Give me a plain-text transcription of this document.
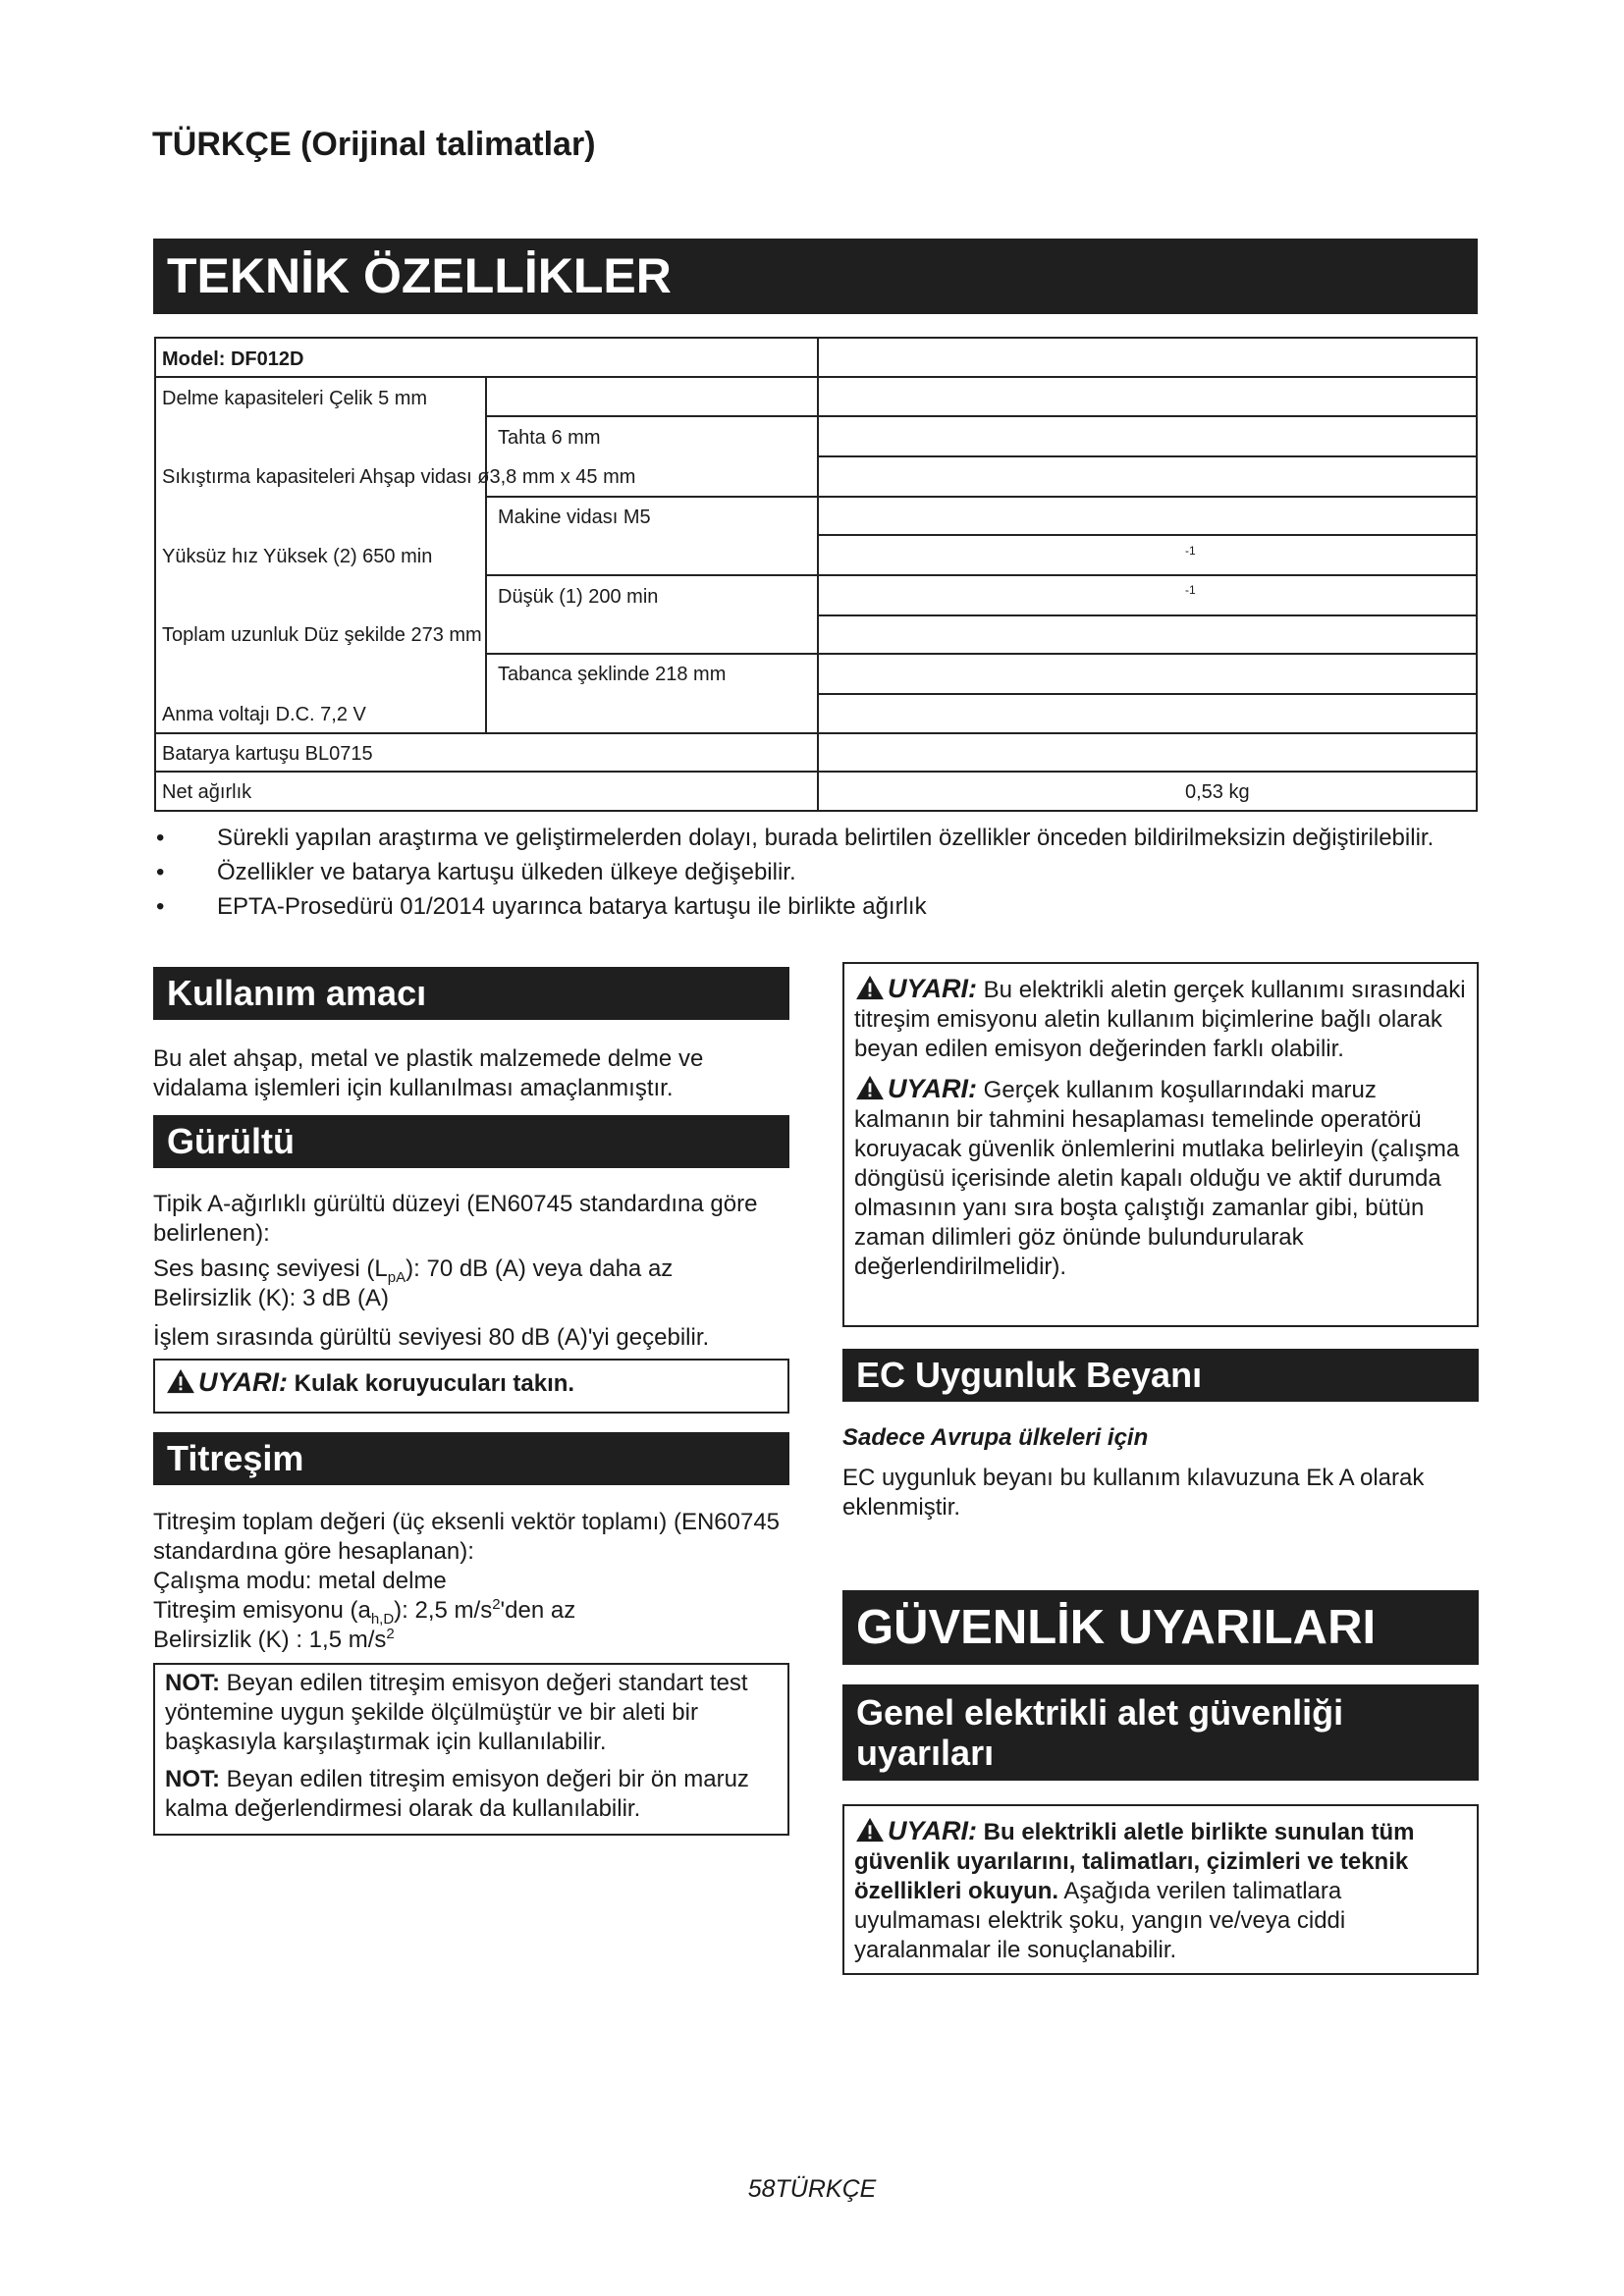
TÜRKÇE (Orijinal talimatlar)
TEKNİK ÖZELLİKLER
Model: DF012D
Delme kapasiteleri Çelik 5 mm
Tahta 6 mm
Sıkıştırma kapasiteleri Ahşap vidası ø3,8 mm x 45 mm
Makine vidası M5
Yüksüz hız Yüksek (2) 650 min	-1
Düşük (1) 200 min	-1
Toplam uzunluk Düz şekilde 273 mm
Tabanca şeklinde 218 mm
Anma voltajı D.C. 7,2 V
Batarya kartuşu BL0715
Net ağırlık	0,53 kg
• Sürekli yapılan araştırma ve geliştirmelerden dolayı, burada belirtilen özellikler önceden bildirilmeksizin değiştirilebilir.
• Özellikler ve batarya kartuşu ülkeden ülkeye değişebilir.
• EPTA-Prosedürü 01/2014 uyarınca batarya kartuşu ile birlikte ağırlık
Kullanım amacı
Bu alet ahşap, metal ve plastik malzemede delme ve vidalama işlemleri için kullanılması amaçlanmıştır.
Gürültü
Tipik A-ağırlıklı gürültü düzeyi (EN60745 standardına göre belirlenen):
Ses basınç seviyesi $(L_{pA})$: 70 dB (A) veya daha az
Belirsizlik (K): 3 dB (A)
İşlem sırasında gürültü seviyesi 80 dB (A)'yi geçebilir.
UYARI: Kulak koruyucuları takın.
Titreşim
Titreşim toplam değeri (üç eksenli vektör toplamı) (EN60745 standardına göre hesaplanan):
Çalışma modu: metal delme
Titreşim emisyonu $(a_{h,D})$: 2,5 $m/s^2'den$ az
Belirsizlik (K) : 1,5 $m/s^2$
NOT: Beyan edilen titreşim emisyon değeri standart test yöntemine uygun şekilde ölçülmüştür ve bir aleti bir başkasıyla karşılaştırmak için kullanılabilir.
NOT: Beyan edilen titreşim emisyon değeri bir ön maruz kalma değerlendirmesi olarak da kullanılabilir.
UYARI: Bu elektrikli aletin gerçek kullanımı sırasındaki titreşim emisyonu aletin kullanım biçimlerine bağlı olarak beyan edilen emisyon değerinden farklı olabilir.
UYARI: Gerçek kullanım koşullarındaki maruz kalmanın bir tahmini hesaplaması temelinde operatörü koruyacak güvenlik önlemlerini mutlaka belirleyin (çalışma döngüsü içerisinde aletin kapalı olduğu ve aktif durumda olmasının yanı sıra boşta çalıştığı zamanlar gibi, bütün zaman dilimleri göz önünde bulundurularak değerlendirilmelidir).
EC Uygunluk Beyanı
Sadece Avrupa ülkeleri için
EC uygunluk beyanı bu kullanım kılavuzuna Ek A olarak eklenmiştir.
GÜVENLİK UYARILARI
Genel elektrikli alet güvenliği uyarıları
UYARI: Bu elektrikli aletle birlikte sunulan tüm güvenlik uyarılarını, talimatları, çizimleri ve teknik özellikleri okuyun. Aşağıda verilen talimatlara uyulmaması elektrik şoku, yangın ve/veya ciddi yaralanmalar ile sonuçlanabilir.
58TÜRKÇE
